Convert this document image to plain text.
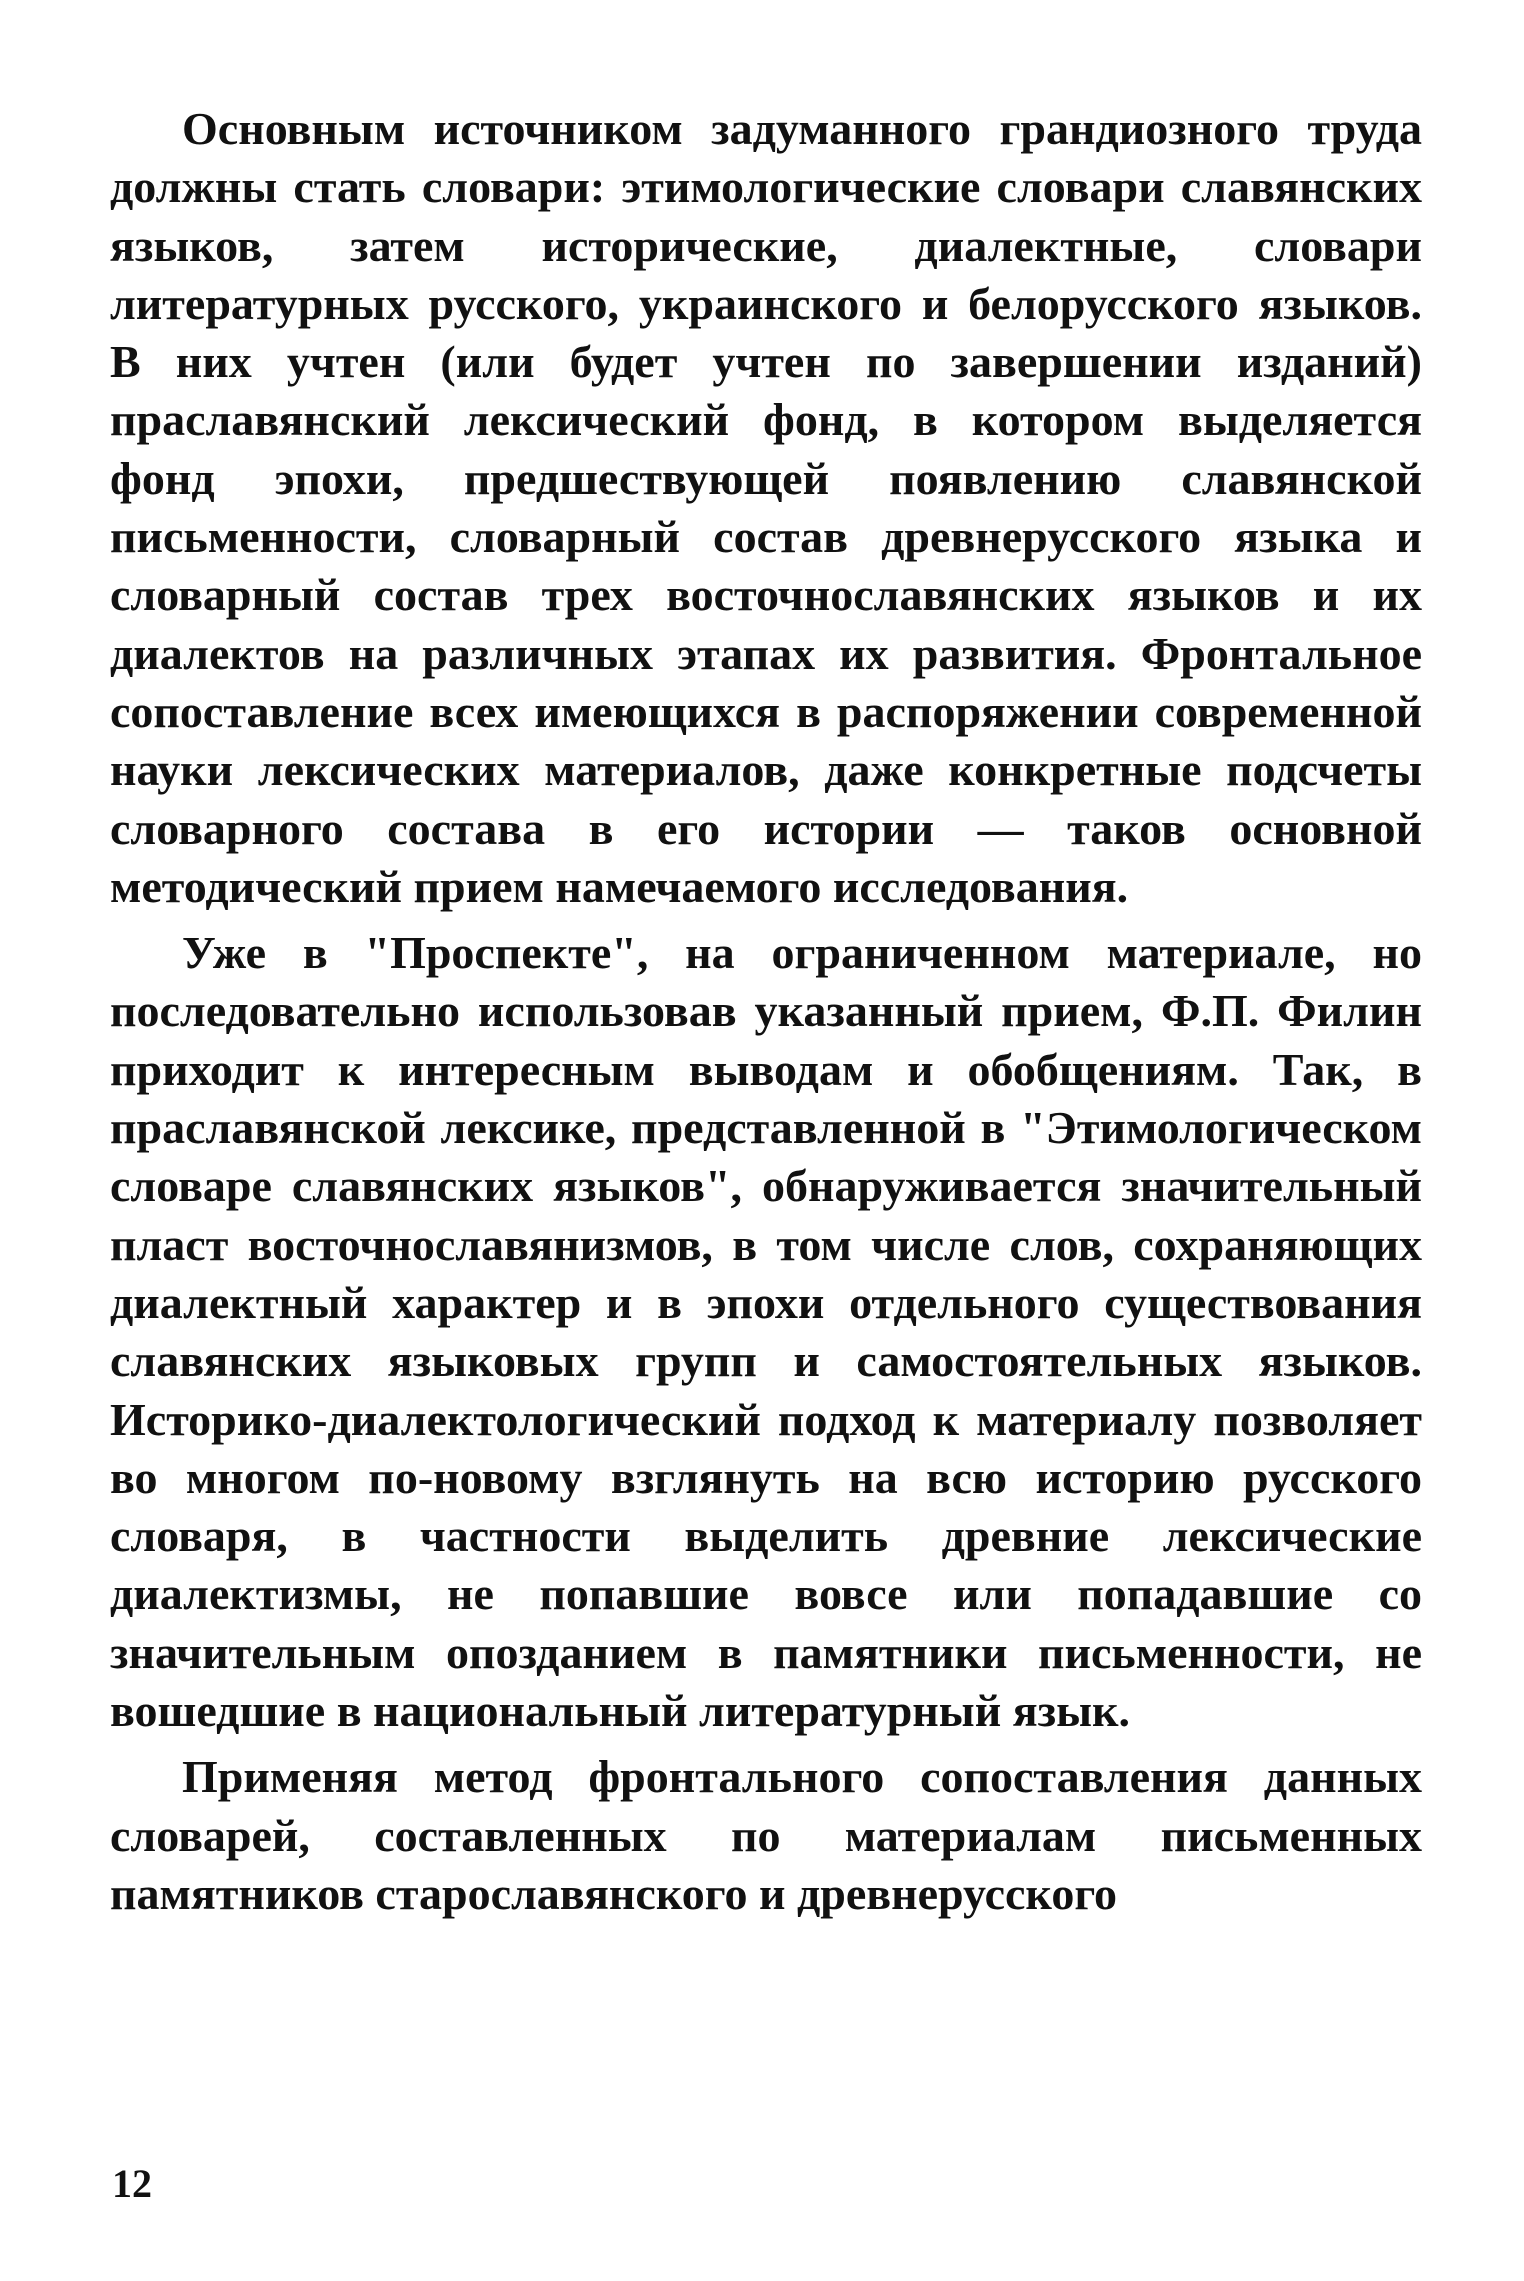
Основным источником задуманного грандиозного труда должны стать словари: этимологические словари славянских языков, затем исторические, диалектные, словари литературных русского, украинского и белорусского языков. В них учтен (или будет учтен по завершении изданий) праславянский лексический фонд, в котором выделяется фонд эпохи, предшествующей появлению славянской письменности, словарный состав древнерусского языка и словарный состав трех восточнославянских языков и их диалектов на различных этапах их развития. Фронтальное сопоставление всех имеющихся в распоряжении современной науки лексических материалов, даже конкретные подсчеты словарного состава в его истории — таков основной методический прием намечаемого исследования.

Уже в "Проспекте", на ограниченном материале, но последовательно использовав указанный прием, Ф.П. Филин приходит к интересным выводам и обобщениям. Так, в праславянской лексике, представленной в "Этимологическом словаре славянских языков", обнаруживается значительный пласт восточнославянизмов, в том числе слов, сохраняющих диалектный характер и в эпохи отдельного существования славянских языковых групп и самостоятельных языков. Историко-диалектологический подход к материалу позволяет во многом по-новому взглянуть на всю историю русского словаря, в частности выделить древние лексические диалектизмы, не попавшие вовсе или попадавшие со значительным опозданием в памятники письменности, не вошедшие в национальный литературный язык.

Применяя метод фронтального сопоставления данных словарей, составленных по материалам письменных памятников старославянского и древнерусского

12
